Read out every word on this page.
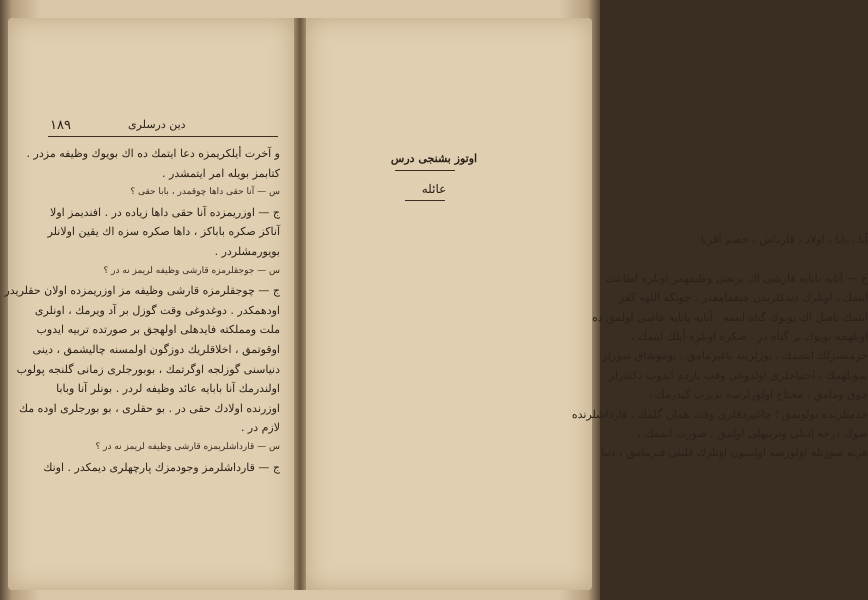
١٨٩	دين درسلرى
و آخرت أيلكريمزه دعا ايتمك ده اك بويوك وظيفه مزدر .
كتابمز بويله امر ايتمشدر .
س — آنا حقى داها چوقمدر ، بابا حقى ؟
ج — اوزريمزده آنا حقى داها زياده در . افنديمز اولا
آناكز صكره باباكز ، داها صكره سزه اك يقين اولانلر
بويورمشلردر .
س — جوجقلرمزه قارشى وظيفه لريمز نه در ؟
ج — چوجقلرمزه قارشى وظيفه مز اوزريمزده اولان حقلريدر
اودهمكدر . دوغدوغى وقت گوزل بر آد ويرمك ، اونلرى
ملت ومملكته فايدهلى اولهجق بر صورتده تربيه ايدوب
اوقوتمق ، اخلاقلريك دوزگون اولمسنه چاليشمق ، دينى
دنياسنى گوزلجه اوگرتمك ، بوبورجلرى زمانى گلنجه پولوب
اولندرمك آنا بابايه عائد وظيفه لردر . بونلر آنا وبابا
اوزرنده اولادك حقى در . بو حقلرى ، بو بورجلرى اوده مك
لازم در .
س — قارداشلريمزه قارشى وظيفه لريمز نه در ؟
ج — قارداشلرمز وجودمزك پارچهلرى ديمكدر . اونك
آنا ، بابا ، اولاد ، قارداش ، خصم اقربا
س — آنايه بابايه قارشى وظيفهمز نه در ؟
ج — آنايه بابايه قارشى اك برنجى وظيفهمز اونلره اطاعت
ايتمك ، اونلرك ديدكلرندن چيقمامقدر . چونكه اللهه كفر
ايتمك ناصل اك بويوك گناه ايسه ، آنايه بابايه عاصى اولمق ده
اويلهجه بويوك بر گناه در . صكره اونلره أيلك ايتمك ،
حرمتسزلك ايتممك ، يوزلرينه باغيرمامق ، يوموشاق سوزلر
سويلهمك ، احتياجلرى اولدوغى وقت ياردم ايدوب دكندرلر
چوق ومامق ، محتاج اولورلرسه يديرب كيدرمك ،
خدمتلرنده بولونمق ؛ چاغيردقلرى وقت همان گلمك ، قارداشلرنده
صوك درجه ادبلى وتربيهلى اولمق ، صورت اتممك ،
هرنه صورتله اولورسه اولسون اونلرك قلبنى قيرمامق ، دنيا
اوتوز بشنجى درس
عائله
